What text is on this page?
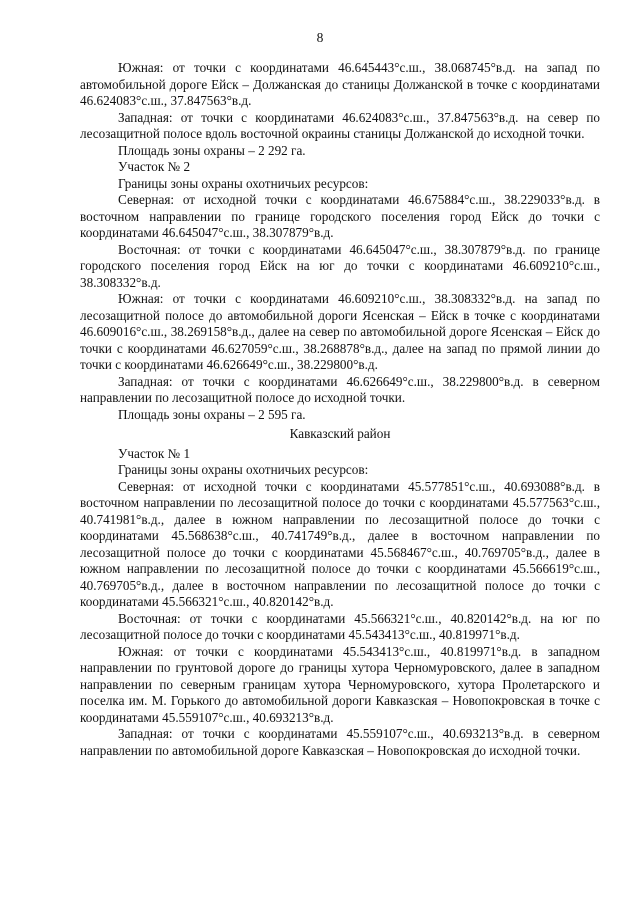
8

Южная: от точки с координатами 46.645443°с.ш., 38.068745°в.д. на запад по автомобильной дороге Ейск – Должанская до станицы Должанской в точке с координатами 46.624083°с.ш., 37.847563°в.д.

Западная: от точки с координатами 46.624083°с.ш., 37.847563°в.д. на север по лесозащитной полосе вдоль восточной окраины станицы Должанской до исходной точки.

Площадь зоны охраны – 2 292 га.

Участок № 2

Границы зоны охраны охотничьих ресурсов:

Северная: от исходной точки с координатами 46.675884°с.ш., 38.229033°в.д. в восточном направлении по границе городского поселения город Ейск до точки с координатами 46.645047°с.ш., 38.307879°в.д.

Восточная: от точки с координатами 46.645047°с.ш., 38.307879°в.д. по границе городского поселения город Ейск на юг до точки с координатами 46.609210°с.ш., 38.308332°в.д.

Южная: от точки с координатами 46.609210°с.ш., 38.308332°в.д. на запад по лесозащитной полосе до автомобильной дороги Ясенская – Ейск в точке с координатами 46.609016°с.ш., 38.269158°в.д., далее на север по автомобильной дороге Ясенская – Ейск до точки с координатами 46.627059°с.ш., 38.268878°в.д., далее на запад по прямой линии до точки с координатами 46.626649°с.ш., 38.229800°в.д.

Западная: от точки с координатами 46.626649°с.ш., 38.229800°в.д. в северном направлении по лесозащитной полосе до исходной точки.

Площадь зоны охраны – 2 595 га.

Кавказский район

Участок № 1

Границы зоны охраны охотничьих ресурсов:

Северная: от исходной точки с координатами 45.577851°с.ш., 40.693088°в.д. в восточном направлении по лесозащитной полосе до точки с координатами 45.577563°с.ш., 40.741981°в.д., далее в южном направлении по лесозащитной полосе до точки с координатами 45.568638°с.ш., 40.741749°в.д., далее в восточном направлении по лесозащитной полосе до точки с координатами 45.568467°с.ш., 40.769705°в.д., далее в южном направлении по лесозащитной полосе до точки с координатами 45.566619°с.ш., 40.769705°в.д., далее в восточном направлении по лесозащитной полосе до точки с координатами 45.566321°с.ш., 40.820142°в.д.

Восточная: от точки с координатами 45.566321°с.ш., 40.820142°в.д. на юг по лесозащитной полосе до точки с координатами 45.543413°с.ш., 40.819971°в.д.

Южная: от точки с координатами 45.543413°с.ш., 40.819971°в.д. в западном направлении по грунтовой дороге до границы хутора Черномуровского, далее в западном направлении по северным границам хутора Черномуровского, хутора Пролетарского и поселка им. М. Горького до автомобильной дороги Кавказская – Новопокровская в точке с координатами 45.559107°с.ш., 40.693213°в.д.

Западная: от точки с координатами 45.559107°с.ш., 40.693213°в.д. в северном направлении по автомобильной дороге Кавказская – Новопокровская до исходной точки.
